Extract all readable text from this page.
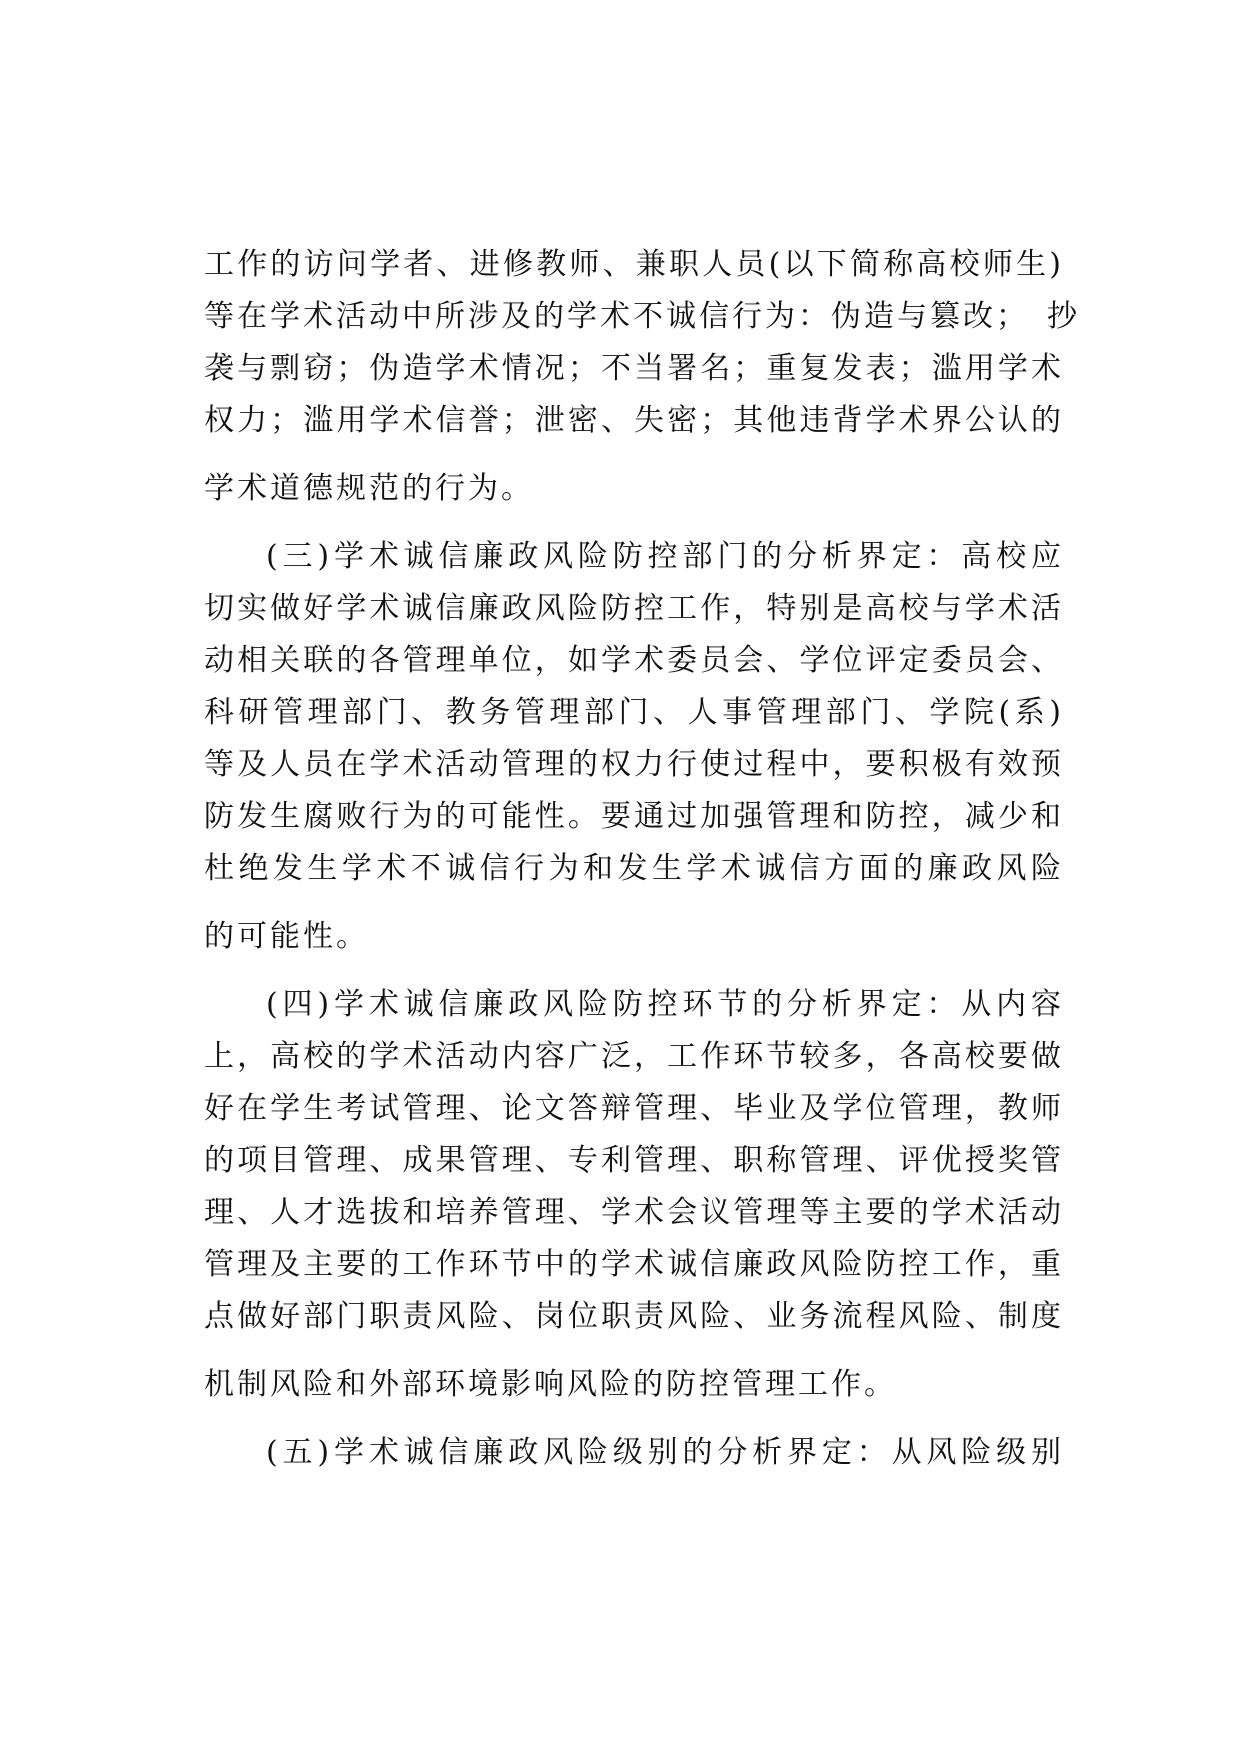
工作的访问学者、进修教师、兼职人员(以下简称高校师生)
等在学术活动中所涉及的学术不诚信行为：伪造与篡改；　抄
袭与剽窃；伪造学术情况；不当署名；重复发表；滥用学术
权力；滥用学术信誉；泄密、失密；其他违背学术界公认的
学术道德规范的行为。
(三)学术诚信廉政风险防控部门的分析界定：高校应
切实做好学术诚信廉政风险防控工作，特别是高校与学术活
动相关联的各管理单位，如学术委员会、学位评定委员会、
科研管理部门、教务管理部门、人事管理部门、学院(系)
等及人员在学术活动管理的权力行使过程中，要积极有效预
防发生腐败行为的可能性。要通过加强管理和防控，减少和
杜绝发生学术不诚信行为和发生学术诚信方面的廉政风险
的可能性。
(四)学术诚信廉政风险防控环节的分析界定：从内容
上，高校的学术活动内容广泛，工作环节较多，各高校要做
好在学生考试管理、论文答辩管理、毕业及学位管理，教师
的项目管理、成果管理、专利管理、职称管理、评优授奖管
理、人才选拔和培养管理、学术会议管理等主要的学术活动
管理及主要的工作环节中的学术诚信廉政风险防控工作，重
点做好部门职责风险、岗位职责风险、业务流程风险、制度
机制风险和外部环境影响风险的防控管理工作。
(五)学术诚信廉政风险级别的分析界定：从风险级别
